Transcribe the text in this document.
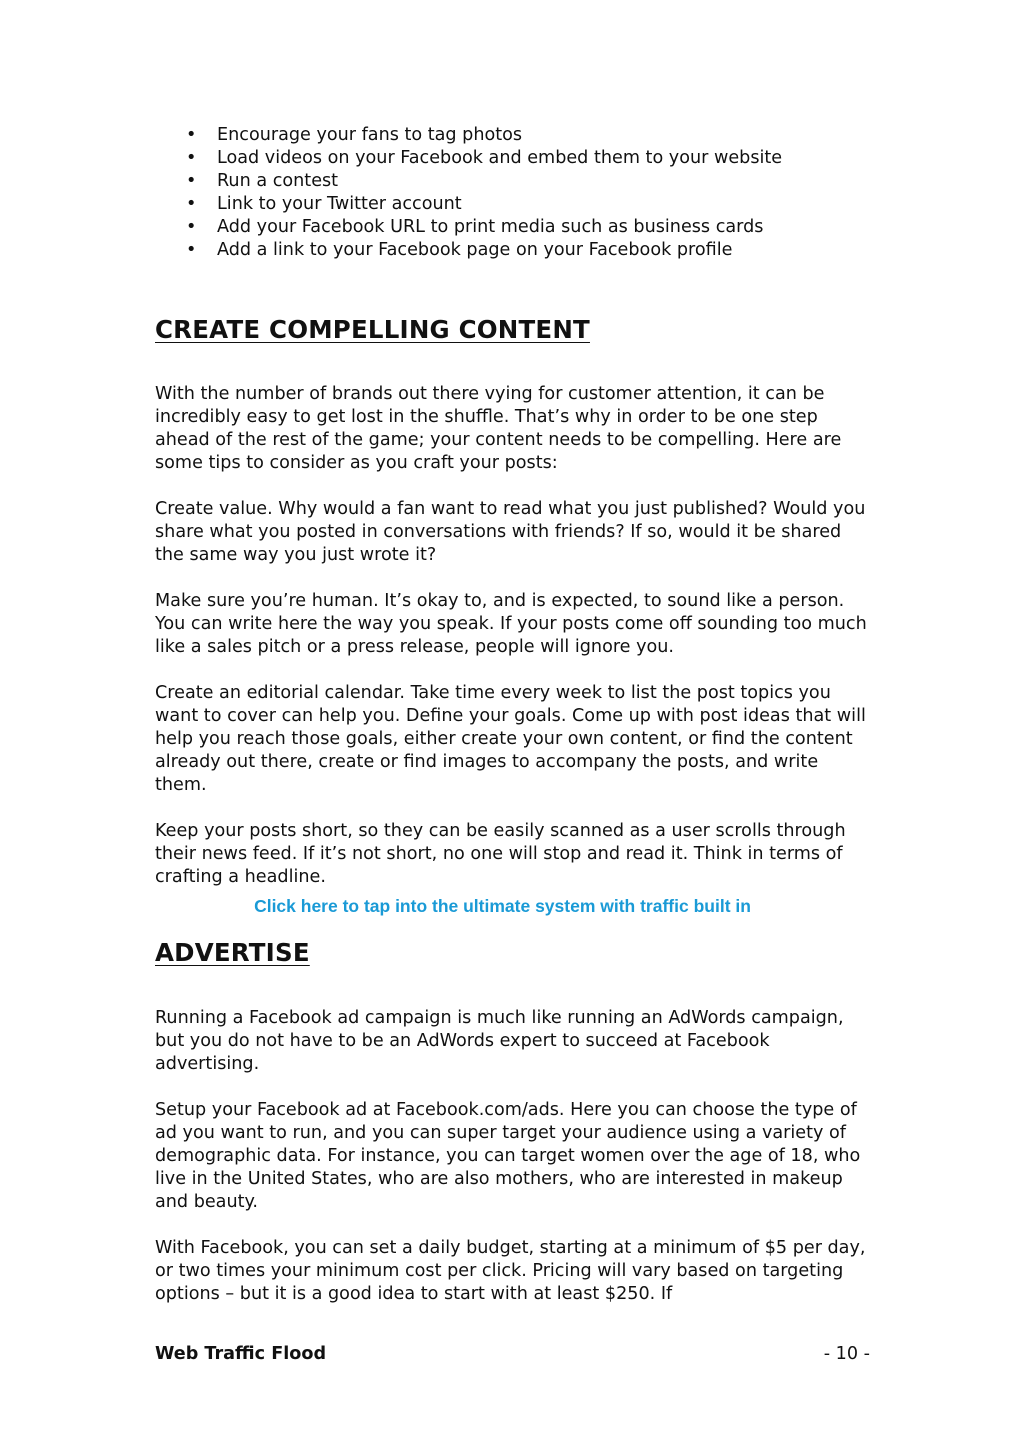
• Encourage your fans to tag photos
• Load videos on your Facebook and embed them to your website
• Run a contest
• Link to your Twitter account
• Add your Facebook URL to print media such as business cards
• Add a link to your Facebook page on your Facebook profile
CREATE COMPELLING CONTENT

With the number of brands out there vying for customer attention, it can be incredibly easy to get lost in the shuffle. That’s why in order to be one step ahead of the rest of the game; your content needs to be compelling. Here are some tips to consider as you craft your posts:

Create value. Why would a fan want to read what you just published? Would you share what you posted in conversations with friends? If so, would it be shared the same way you just wrote it?

Make sure you’re human. It’s okay to, and is expected, to sound like a person. You can write here the way you speak. If your posts come off sounding too much like a sales pitch or a press release, people will ignore you.

Create an editorial calendar. Take time every week to list the post topics you want to cover can help you. Define your goals. Come up with post ideas that will help you reach those goals, either create your own content, or find the content already out there, create or find images to accompany the posts, and write them.

Keep your posts short, so they can be easily scanned as a user scrolls through their news feed. If it’s not short, no one will stop and read it. Think in terms of crafting a headline.

Click here to tap into the ultimate system with traffic built in
ADVERTISE

Running a Facebook ad campaign is much like running an AdWords campaign, but you do not have to be an AdWords expert to succeed at Facebook advertising.

Setup your Facebook ad at Facebook.com/ads. Here you can choose the type of ad you want to run, and you can super target your audience using a variety of demographic data. For instance, you can target women over the age of 18, who live in the United States, who are also mothers, who are interested in makeup and beauty.

With Facebook, you can set a daily budget, starting at a minimum of $5 per day, or two times your minimum cost per click. Pricing will vary based on targeting options – but it is a good idea to start with at least $250. If

Web Traffic Flood	- 10 -
